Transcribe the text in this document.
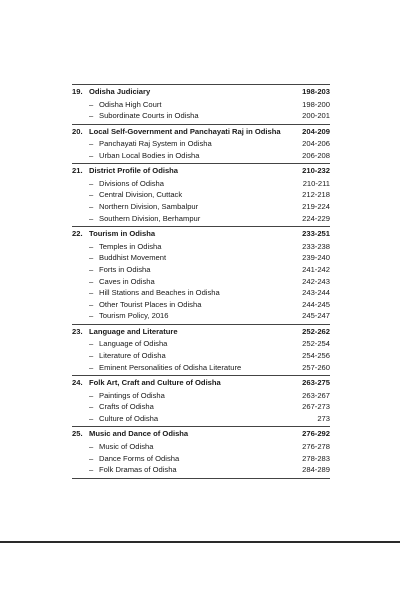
19. Odisha Judiciary	198-203
– Odisha High Court	198-200
– Subordinate Courts in Odisha	200-201
20. Local Self-Government and Panchayati Raj in Odisha	204-209
– Panchayati Raj System in Odisha	204-206
– Urban Local Bodies in Odisha	206-208
21. District Profile of Odisha	210-232
– Divisions of Odisha	210-211
– Central Division, Cuttack	212-218
– Northern Division, Sambalpur	219-224
– Southern Division, Berhampur	224-229
22. Tourism in Odisha	233-251
– Temples in Odisha	233-238
– Buddhist Movement	239-240
– Forts in Odisha	241-242
– Caves in Odisha	242-243
– Hill Stations and Beaches in Odisha	243-244
– Other Tourist Places in Odisha	244-245
– Tourism Policy, 2016	245-247
23. Language and Literature	252-262
– Language of Odisha	252-254
– Literature of Odisha	254-256
– Eminent Personalities of Odisha Literature	257-260
24. Folk Art, Craft and Culture of Odisha	263-275
– Paintings of Odisha	263-267
– Crafts of Odisha	267-273
– Culture of Odisha	273
25. Music and Dance of Odisha	276-292
– Music of Odisha	276-278
– Dance Forms of Odisha	278-283
– Folk Dramas of Odisha	284-289
